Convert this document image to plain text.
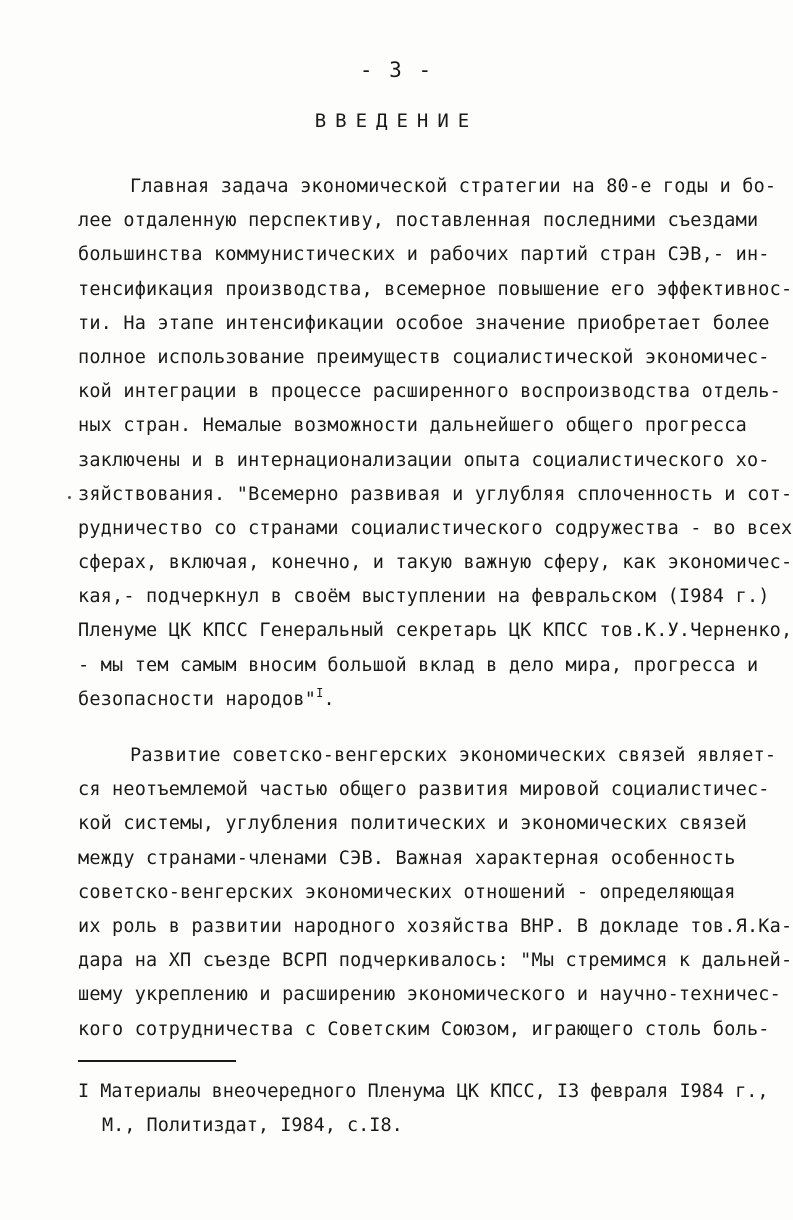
- 3 -
ВВЕДЕНИЕ
Главная задача экономической стратегии на 80-е годы и бо-
лее отдаленную перспективу, поставленная последними съездами
большинства коммунистических и рабочих партий стран СЭВ,- ин-
тенсификация производства, всемерное повышение его эффективнос-
ти. На этапе интенсификации особое значение приобретает более
полное использование преимуществ социалистической экономичес-
кой интеграции в процессе расширенного воспроизводства отдель-
ных стран. Немалые возможности дальнейшего общего прогресса
заключены и в интернационализации опыта социалистического хо-
зяйствования. "Всемерно развивая и углубляя сплоченность и сот-
рудничество со странами социалистического содружества - во всех
сферах, включая, конечно, и такую важную сферу, как экономичес-
кая,- подчеркнул в своём выступлении на февральском (I984 г.)
Пленуме ЦК КПСС Генеральный секретарь ЦК КПСС тов.К.У.Черненко,
- мы тем самым вносим большой вклад в дело мира, прогресса и
безопасности народов"$^I$.
Развитие советско-венгерских экономических связей являет-
ся неотъемлемой частью общего развития мировой социалистичес-
кой системы, углубления политических и экономических связей
между странами-членами СЭВ. Важная характерная особенность
советско-венгерских экономических отношений - определяющая
их роль в развитии народного хозяйства ВНР. В докладе тов.Я.Ка-
дара на ХП съезде ВСРП подчеркивалось: "Мы стремимся к дальней-
шему укреплению и расширению экономического и научно-техничес-
кого сотрудничества с Советским Союзом, играющего столь боль-
I Материалы внеочередного Пленума ЦК КПСС, I3 февраля I984 г.,
М., Политиздат, I984, с.I8.
